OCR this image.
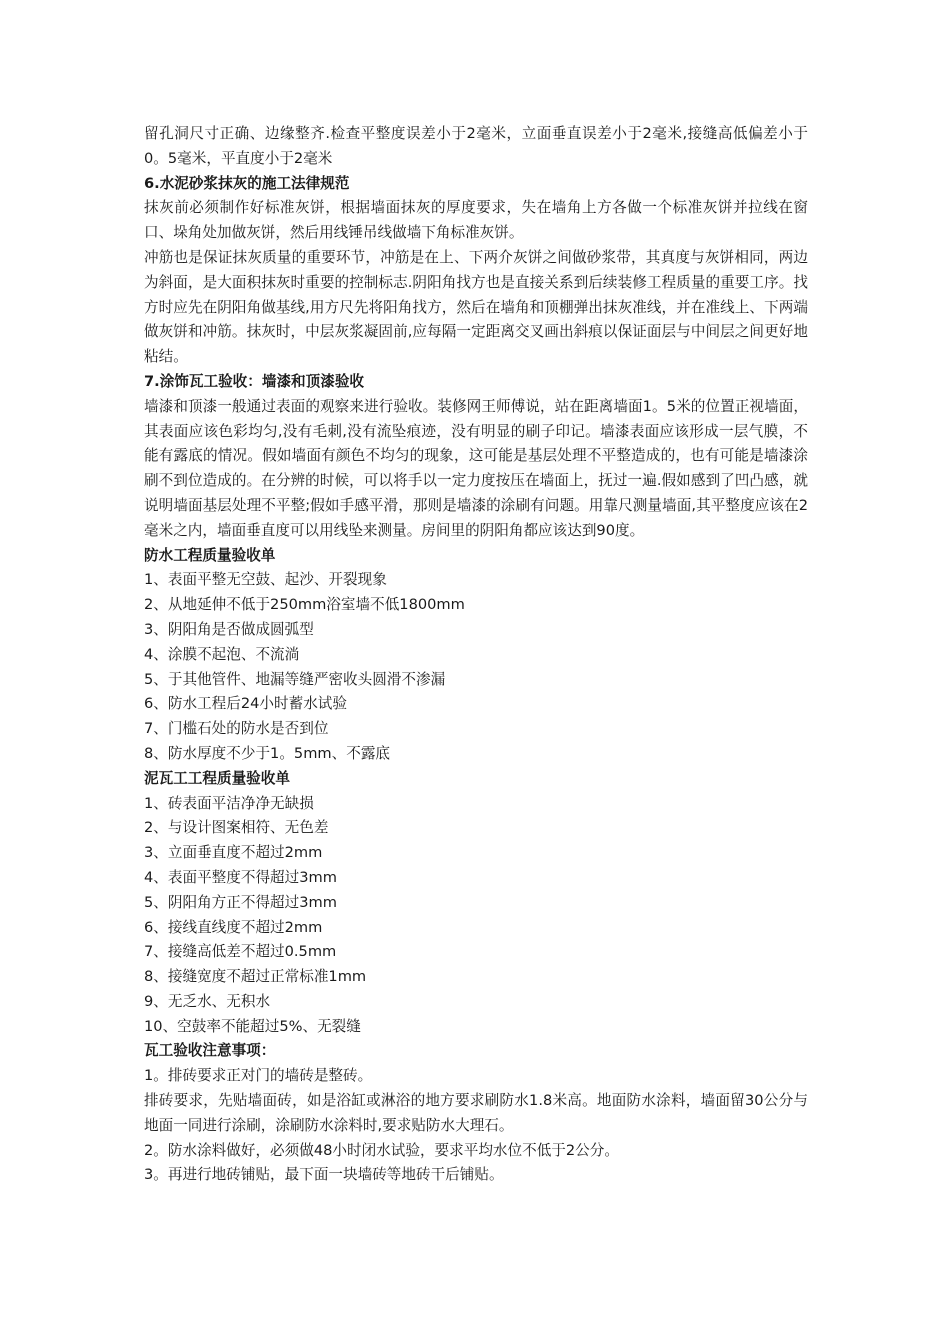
留孔洞尺寸正确、边缘整齐.检查平整度误差小于2毫米，立面垂直误差小于2毫米,接缝高低偏差小于0。5毫米，平直度小于2毫米

6.水泥砂浆抹灰的施工法律规范

抹灰前必须制作好标准灰饼，根据墙面抹灰的厚度要求，失在墙角上方各做一个标准灰饼并拉线在窗口、垛角处加做灰饼，然后用线锤吊线做墙下角标准灰饼。

冲筋也是保证抹灰质量的重要环节，冲筋是在上、下两介灰饼之间做砂浆带，其真度与灰饼相同，两边为斜面，是大面积抹灰时重要的控制标志.阴阳角找方也是直接关系到后续装修工程质量的重要工序。找方时应先在阴阳角做基线,用方尺先将阳角找方，然后在墙角和顶棚弹出抹灰准线，并在准线上、下两端做灰饼和冲筋。抹灰时，中层灰浆凝固前,应每隔一定距离交叉画出斜痕以保证面层与中间层之间更好地粘结。

7.涂饰瓦工验收：墙漆和顶漆验收

墙漆和顶漆一般通过表面的观察来进行验收。装修网王师傅说，站在距离墙面1。5米的位置正视墙面，其表面应该色彩均匀,没有毛刺,没有流坠痕迹，没有明显的刷子印记。墙漆表面应该形成一层气膜，不能有露底的情况。假如墙面有颜色不均匀的现象，这可能是基层处理不平整造成的，也有可能是墙漆涂刷不到位造成的。在分辨的时候，可以将手以一定力度按压在墙面上，抚过一遍.假如感到了凹凸感，就说明墙面基层处理不平整;假如手感平滑，那则是墙漆的涂刷有问题。用靠尺测量墙面,其平整度应该在2毫米之内，墙面垂直度可以用线坠来测量。房间里的阴阳角都应该达到90度。

防水工程质量验收单

1、表面平整无空鼓、起沙、开裂现象

2、从地延伸不低于250mm浴室墙不低1800mm

3、阴阳角是否做成圆弧型

4、涂膜不起泡、不流淌

5、于其他管件、地漏等缝严密收头圆滑不渗漏

6、防水工程后24小时蓄水试验

7、门槛石处的防水是否到位

8、防水厚度不少于1。5mm、不露底

泥瓦工工程质量验收单

1、砖表面平洁净净无缺损

2、与设计图案相符、无色差

3、立面垂直度不超过2mm

4、表面平整度不得超过3mm

5、阴阳角方正不得超过3mm

6、接线直线度不超过2mm

7、接缝高低差不超过0.5mm

8、接缝宽度不超过正常标准1mm

9、无乏水、无积水

10、空鼓率不能超过5%、无裂缝

瓦工验收注意事项：

1。排砖要求正对门的墙砖是整砖。

排砖要求，先贴墙面砖，如是浴缸或淋浴的地方要求刷防水1.8米高。地面防水涂料，墙面留30公分与地面一同进行涂刷，涂刷防水涂料时,要求贴防水大理石。

2。防水涂料做好，必须做48小时闭水试验，要求平均水位不低于2公分。

3。再进行地砖铺贴，最下面一块墙砖等地砖干后铺贴。
